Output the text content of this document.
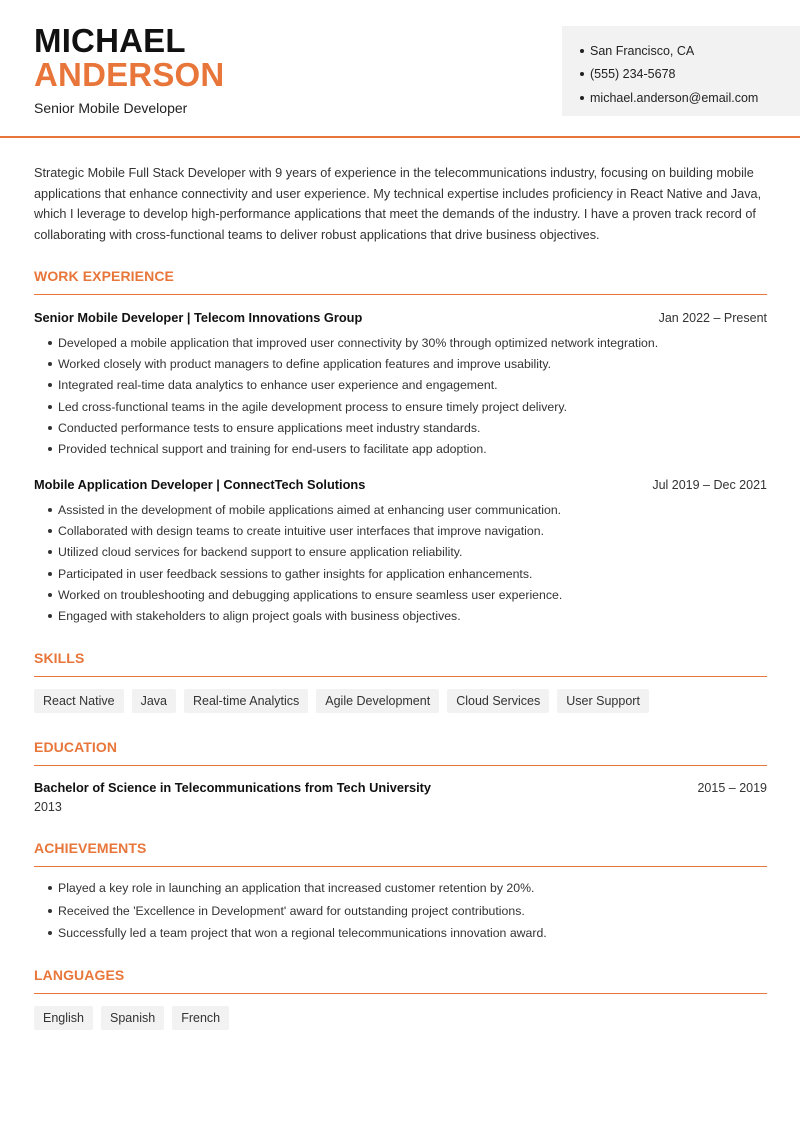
MICHAEL
ANDERSON
Senior Mobile Developer
San Francisco, CA
(555) 234-5678
michael.anderson@email.com

Strategic Mobile Full Stack Developer with 9 years of experience in the telecommunications industry, focusing on building mobile applications that enhance connectivity and user experience. My technical expertise includes proficiency in React Native and Java, which I leverage to develop high-performance applications that meet the demands of the industry. I have a proven track record of collaborating with cross-functional teams to deliver robust applications that drive business objectives.

WORK EXPERIENCE
Senior Mobile Developer | Telecom Innovations Group	Jan 2022 – Present
Developed a mobile application that improved user connectivity by 30% through optimized network integration.
Worked closely with product managers to define application features and improve usability.
Integrated real-time data analytics to enhance user experience and engagement.
Led cross-functional teams in the agile development process to ensure timely project delivery.
Conducted performance tests to ensure applications meet industry standards.
Provided technical support and training for end-users to facilitate app adoption.
Mobile Application Developer | ConnectTech Solutions	Jul 2019 – Dec 2021
Assisted in the development of mobile applications aimed at enhancing user communication.
Collaborated with design teams to create intuitive user interfaces that improve navigation.
Utilized cloud services for backend support to ensure application reliability.
Participated in user feedback sessions to gather insights for application enhancements.
Worked on troubleshooting and debugging applications to ensure seamless user experience.
Engaged with stakeholders to align project goals with business objectives.
SKILLS
React Native	Java	Real-time Analytics	Agile Development	Cloud Services	User Support
EDUCATION
Bachelor of Science in Telecommunications from Tech University	2015 – 2019
2013
ACHIEVEMENTS
Played a key role in launching an application that increased customer retention by 20%.
Received the 'Excellence in Development' award for outstanding project contributions.
Successfully led a team project that won a regional telecommunications innovation award.
LANGUAGES
English	Spanish	French
